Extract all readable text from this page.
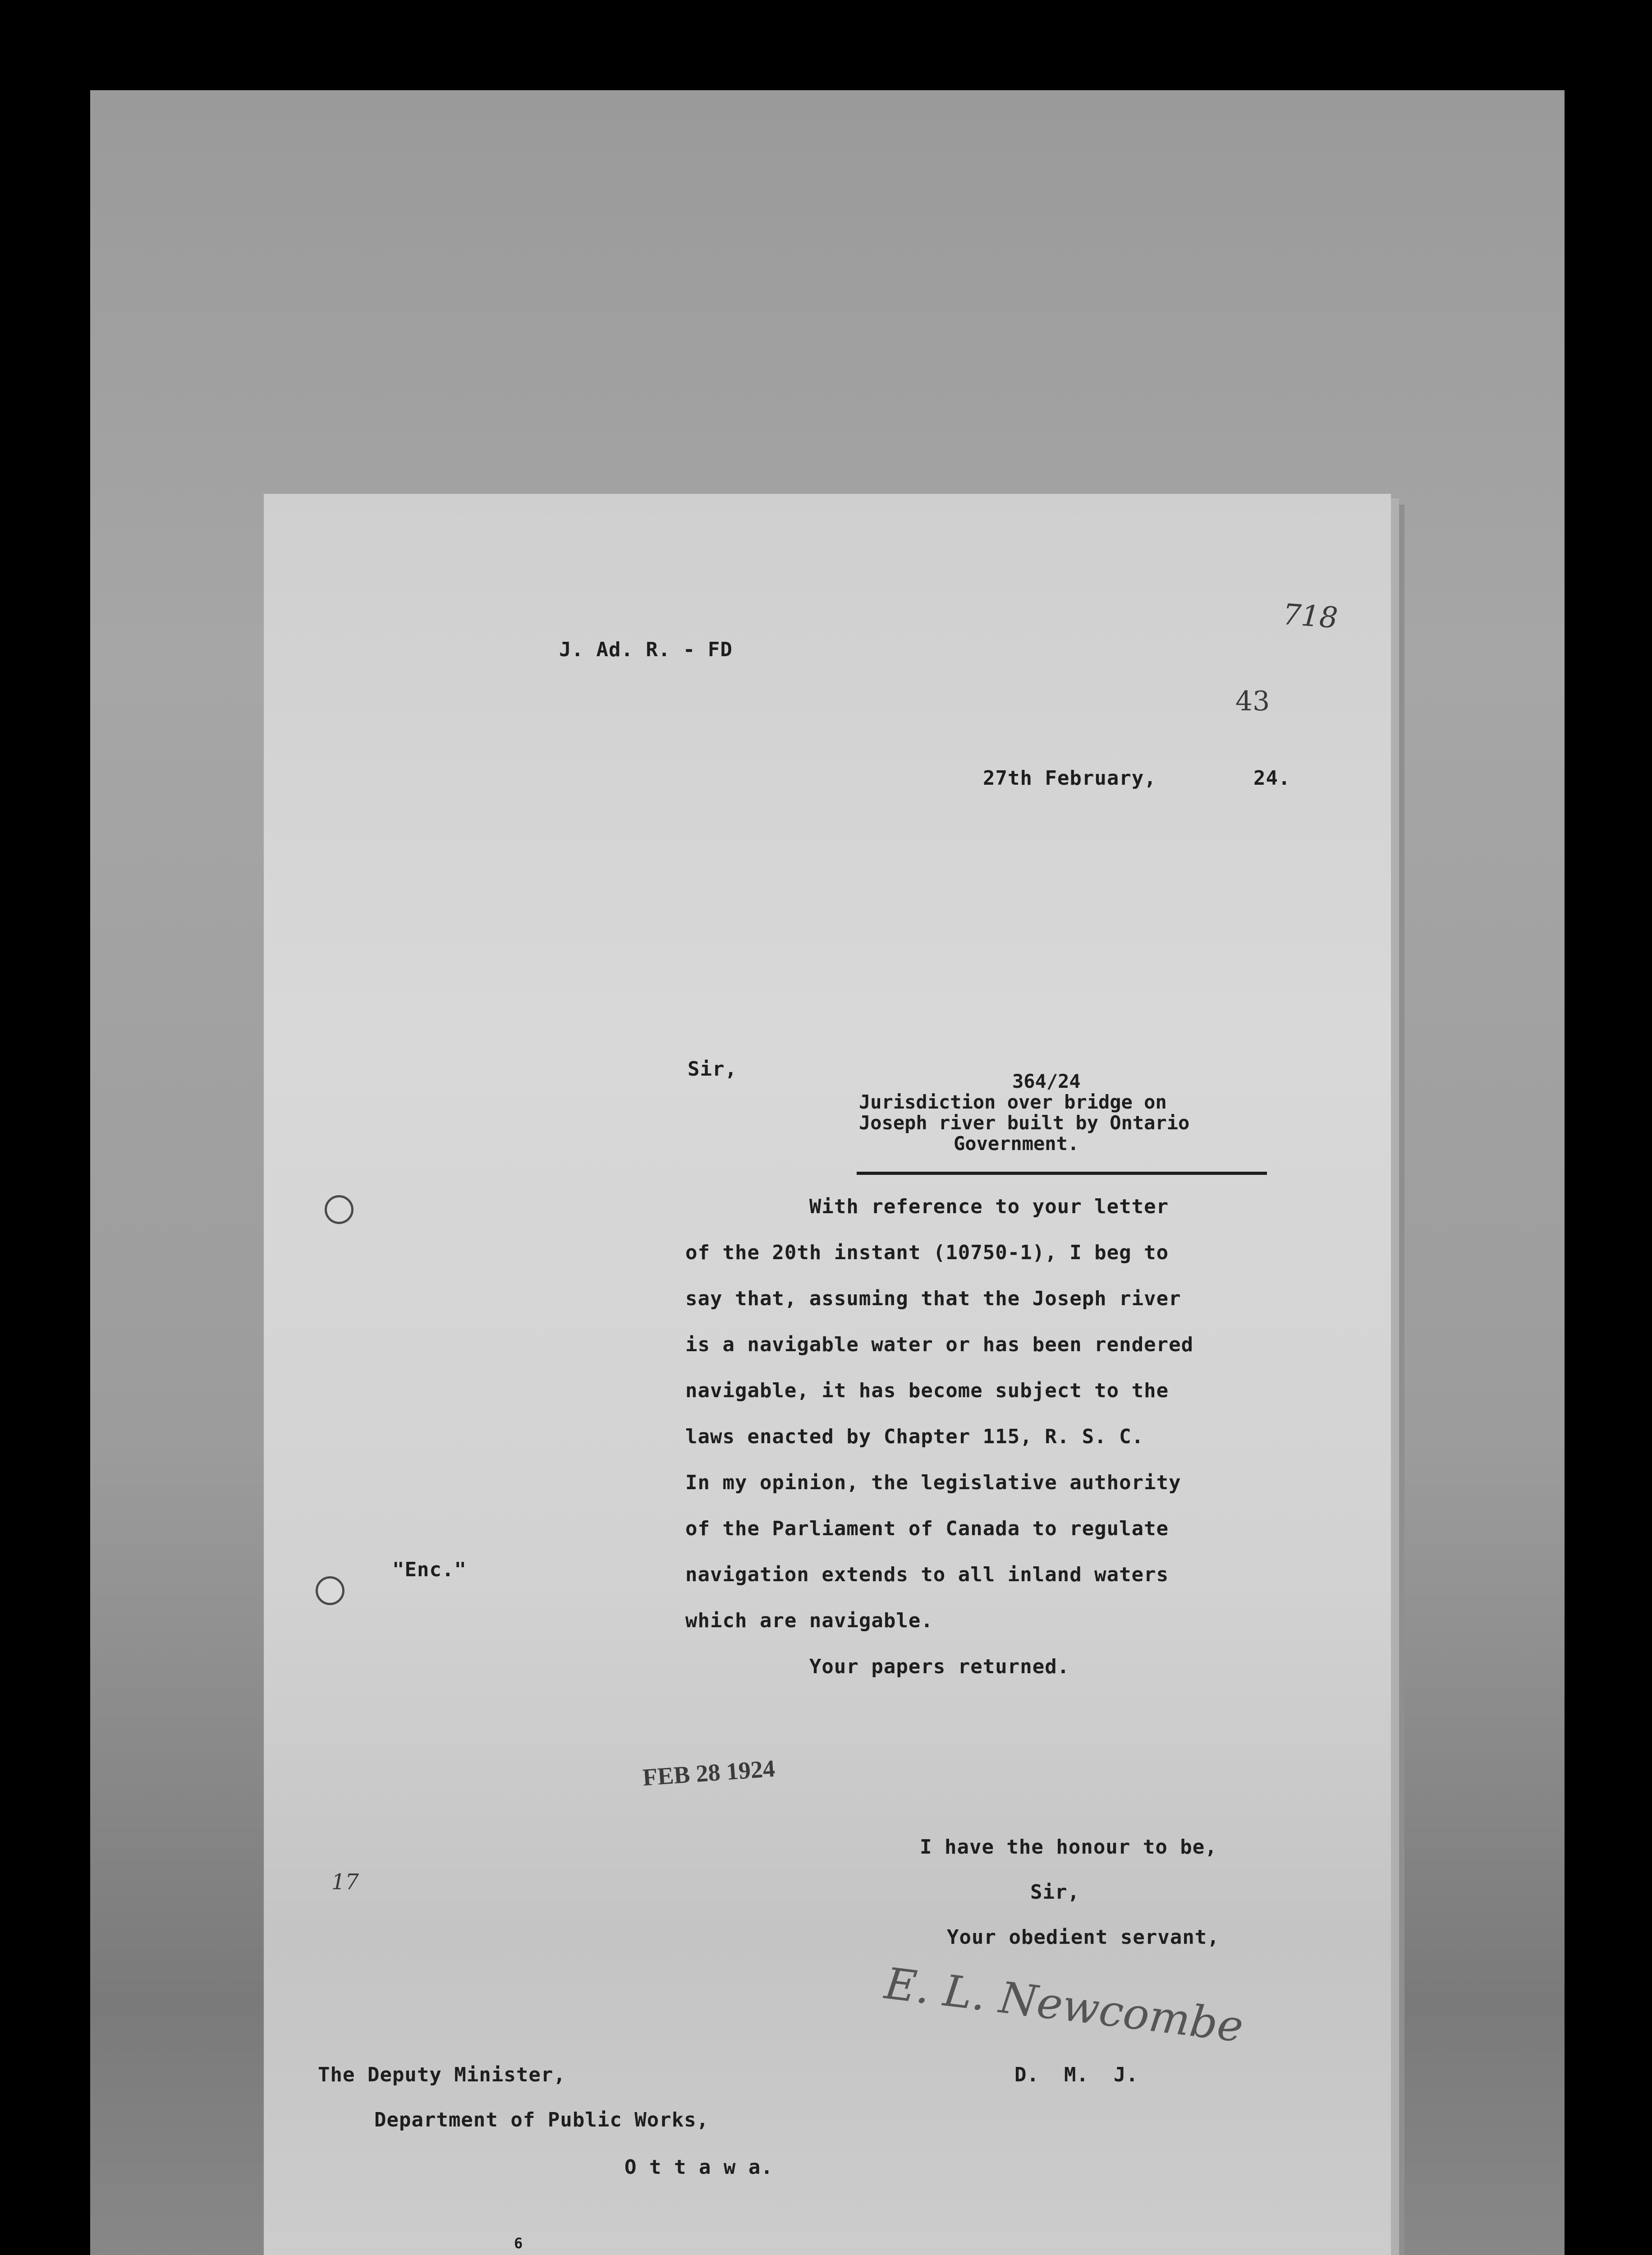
J. Ad. R. - FD
718
43
27th February,	24.
Sir,
364/24
Jurisdiction over bridge on
Joseph river built by Ontario
Government.
With reference to your letter
of the 20th instant (10750-1), I beg to
say that, assuming that the Joseph river
is a navigable water or has been rendered
navigable, it has become subject to the
laws enacted by Chapter 115, R. S. C.
In my opinion, the legislative authority
of the Parliament of Canada to regulate
navigation extends to all inland waters
which are navigable.
Your papers returned.
"Enc."
FEB 28 1924
I have the honour to be,
Sir,
Your obedient servant,
E. L. Newcombe
D.  M.  J.
The Deputy Minister,
Department of Public Works,
O t t a w a.
6
17
